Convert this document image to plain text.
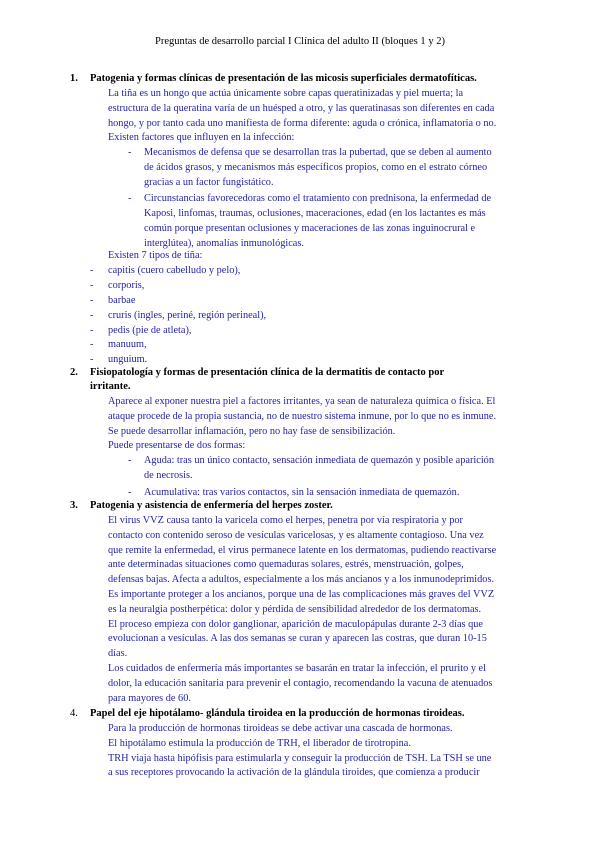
Preguntas de desarrollo parcial I Clínica del adulto II (bloques 1 y 2)
1. Patogenia y formas clínicas de presentación de las micosis superficiales dermatofíticas.

La tiña es un hongo que actúa únicamente sobre capas queratinizadas y piel muerta; la

estructura de la queratina varía de un huésped a otro, y las queratinasas son diferentes en cada

hongo, y por tanto cada uno manifiesta de forma diferente: aguda o crónica, inflamatoria o no.

Existen factores que influyen en la infección:

- Mecanismos de defensa que se desarrollan tras la pubertad, que se deben al aumento

de ácidos grasos, y mecanismos más específicos propios, como en el estrato córneo

gracias a un factor fungistático.

- Circunstancias favorecedoras como el tratamiento con prednisona, la enfermedad de

Kaposi, linfomas, traumas, oclusiones, maceraciones, edad (en los lactantes es más

común porque presentan oclusiones y maceraciones de las zonas inguinocrural e

interglútea), anomalías inmunológicas.

Existen 7 tipos de tiña:

- capitis (cuero cabelludo y pelo),
- corporis,
- barbae
- cruris (ingles, periné, región perineal),
- pedis (pie de atleta),
- manuum,
- unguium.
2. Fisiopatología y formas de presentación clínica de la dermatitis de contacto por
irritante.

Aparece al exponer nuestra piel a factores irritantes, ya sean de naturaleza química o física. El

ataque procede de la propia sustancia, no de nuestro sistema inmune, por lo que no es inmune.

Se puede desarrollar inflamación, pero no hay fase de sensibilización.

Puede presentarse de dos formas:

- Aguda: tras un único contacto, sensación inmediata de quemazón y posible aparición

de necrosis.

- Acumulativa: tras varios contactos, sin la sensación inmediata de quemazón.

3. Patogenia y asistencia de enfermería del herpes zoster.

El virus VVZ causa tanto la varicela como el herpes, penetra por vía respiratoria y por

contacto con contenido seroso de vesículas varicelosas, y es altamente contagioso. Una vez

que remite la enfermedad, el virus permanece latente en los dermatomas, pudiendo reactivarse

ante determinadas situaciones como quemaduras solares, estrés, menstruación, golpes,

defensas bajas. Afecta a adultos, especialmente a los más ancianos y a los inmunodeprimidos.

Es importante proteger a los ancianos, porque una de las complicaciones más graves del VVZ

es la neuralgia postherpética: dolor y pérdida de sensibilidad alrededor de los dermatomas.

El proceso empieza con dolor ganglionar, aparición de maculopápulas durante 2-3 días que

evolucionan a vesículas. A las dos semanas se curan y aparecen las costras, que duran 10-15

días.

Los cuidados de enfermería más importantes se basarán en tratar la infección, el prurito y el

dolor, la educación sanitaria para prevenir el contagio, recomendando la vacuna de atenuados

para mayores de 60.

4. Papel del eje hipotálamo- glándula tiroidea en la producción de hormonas tiroideas.

Para la producción de hormonas tiroideas se debe activar una cascada de hormonas.

El hipotálamo estimula la producción de TRH, el liberador de tirotropina.

TRH viaja hasta hipófisis para estimularla y conseguir la producción de TSH. La TSH se une

a sus receptores provocando la activación de la glándula tiroides, que comienza a producir
